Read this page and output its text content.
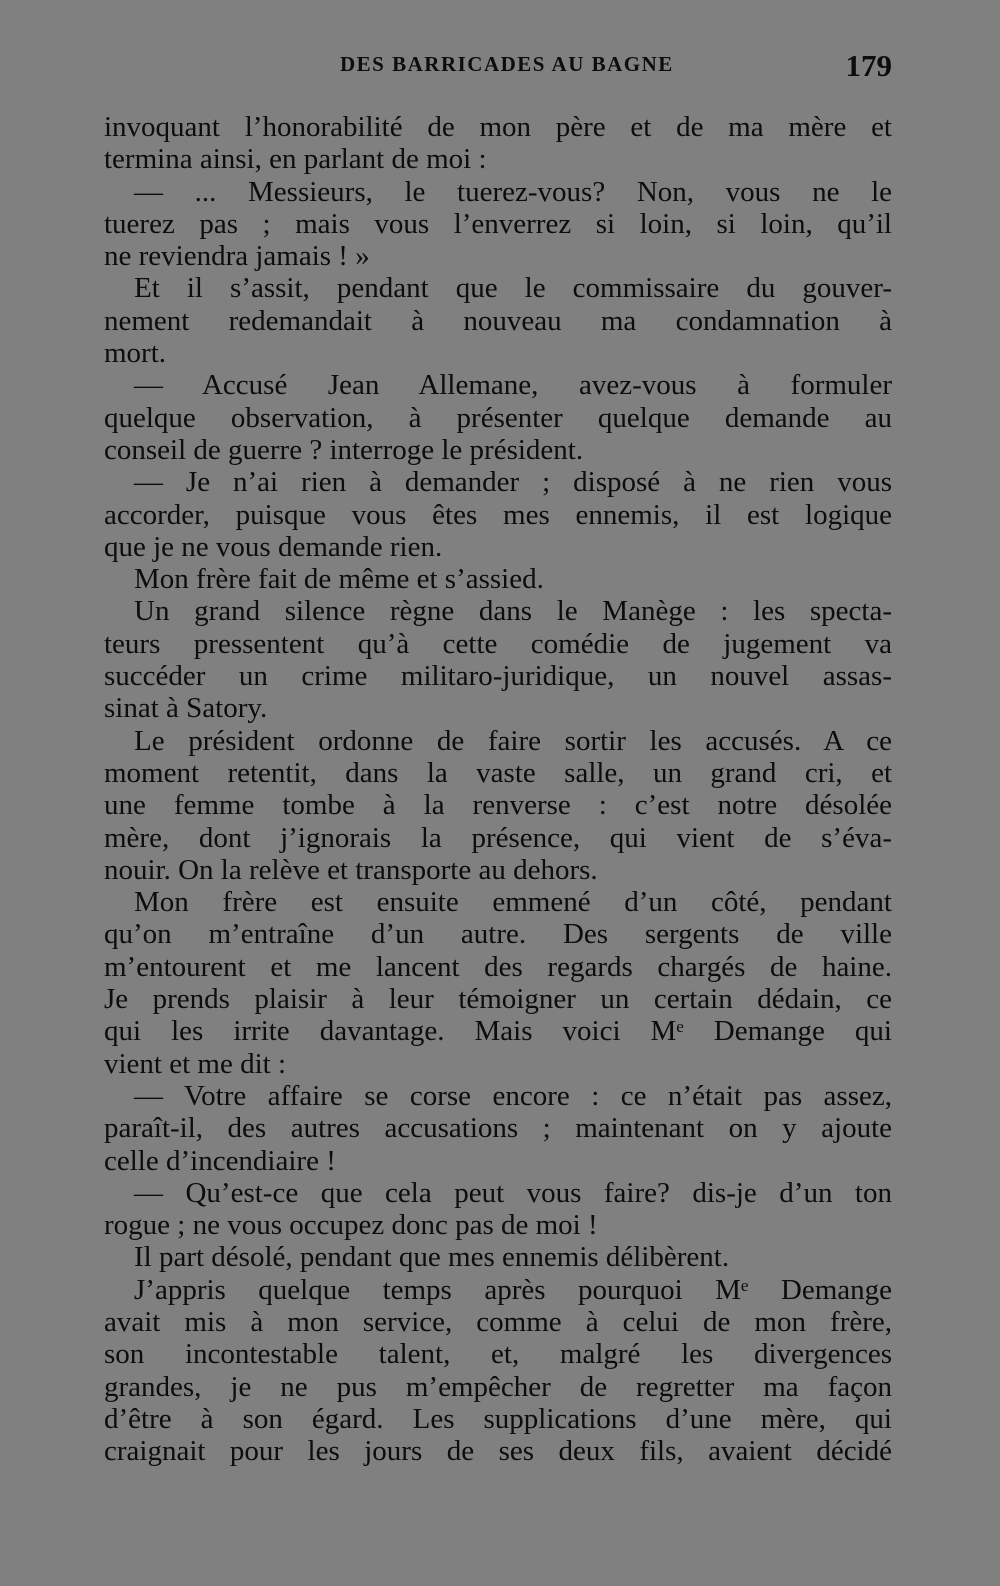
DES BARRICADES AU BAGNE	179
invoquant l’honorabilité de mon père et de ma mère et
termina ainsi, en parlant de moi :
— ... Messieurs, le tuerez-vous? Non, vous ne le
tuerez pas ; mais vous l’enverrez si loin, si loin, qu’il
ne reviendra jamais ! »
Et il s’assit, pendant que le commissaire du gouver-
nement redemandait à nouveau ma condamnation à
mort.
— Accusé Jean Allemane, avez-vous à formuler
quelque observation, à présenter quelque demande au
conseil de guerre ? interroge le président.
— Je n’ai rien à demander ; disposé à ne rien vous
accorder, puisque vous êtes mes ennemis, il est logique
que je ne vous demande rien.
Mon frère fait de même et s’assied.
Un grand silence règne dans le Manège : les specta-
teurs pressentent qu’à cette comédie de jugement va
succéder un crime militaro-juridique, un nouvel assas-
sinat à Satory.
Le président ordonne de faire sortir les accusés. A ce
moment retentit, dans la vaste salle, un grand cri, et
une femme tombe à la renverse : c’est notre désolée
mère, dont j’ignorais la présence, qui vient de s’éva-
nouir. On la relève et transporte au dehors.
Mon frère est ensuite emmené d’un côté, pendant
qu’on m’entraîne d’un autre. Des sergents de ville
m’entourent et me lancent des regards chargés de haine.
Je prends plaisir à leur témoigner un certain dédain, ce
qui les irrite davantage. Mais voici Mᵉ Demange qui
vient et me dit :
— Votre affaire se corse encore : ce n’était pas assez,
paraît-il, des autres accusations ; maintenant on y ajoute
celle d’incendiaire !
— Qu’est-ce que cela peut vous faire? dis-je d’un ton
rogue ; ne vous occupez donc pas de moi !
Il part désolé, pendant que mes ennemis délibèrent.
J’appris quelque temps après pourquoi Mᵉ Demange
avait mis à mon service, comme à celui de mon frère,
son incontestable talent, et, malgré les divergences
grandes, je ne pus m’empêcher de regretter ma façon
d’être à son égard. Les supplications d’une mère, qui
craignait pour les jours de ses deux fils, avaient décidé
